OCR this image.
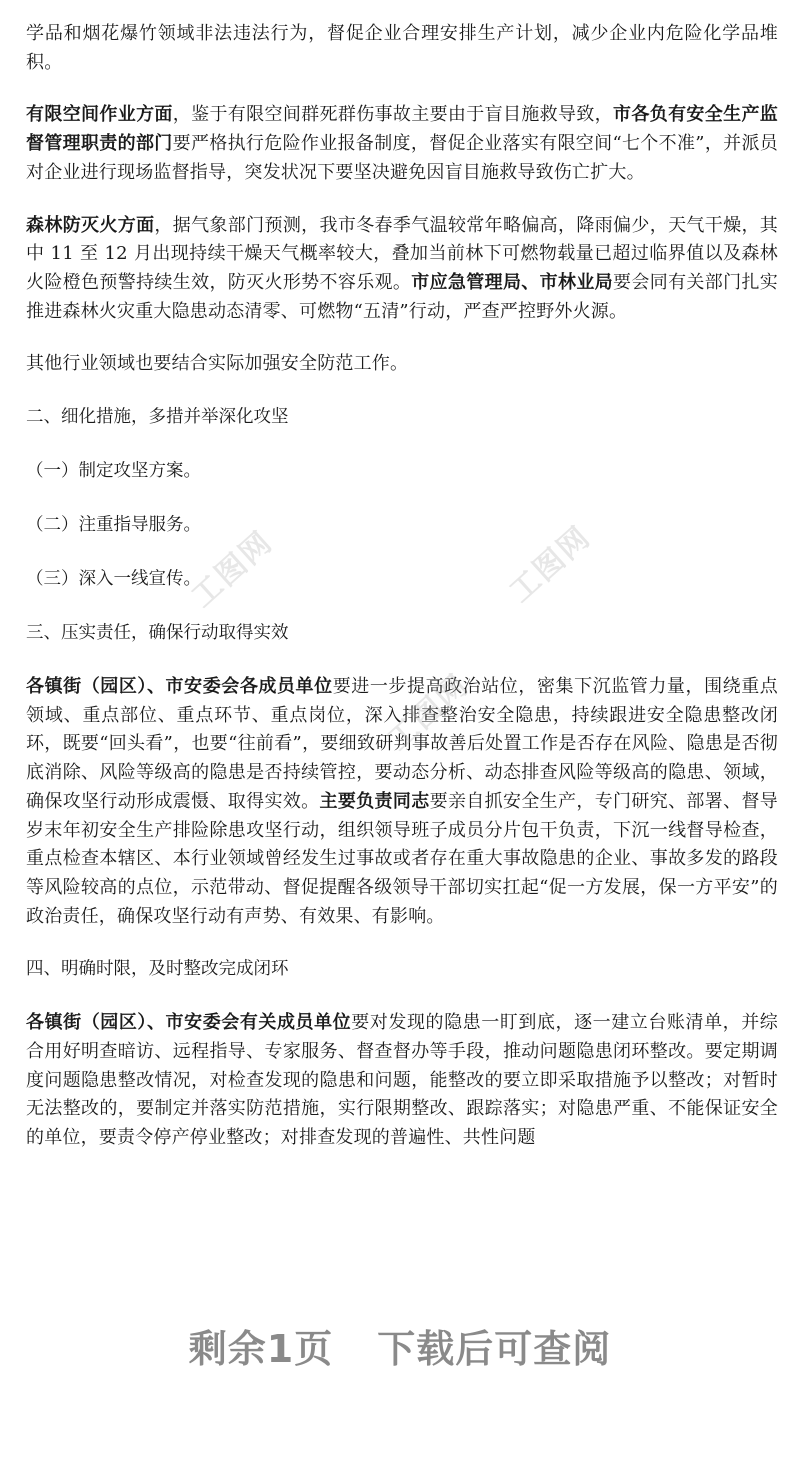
学品和烟花爆竹领域非法违法行为，督促企业合理安排生产计划，减少企业内危险化学品堆积。

有限空间作业方面，鉴于有限空间群死群伤事故主要由于盲目施救导致，市各负有安全生产监督管理职责的部门要严格执行危险作业报备制度，督促企业落实有限空间“七个不准”，并派员对企业进行现场监督指导，突发状况下要坚决避免因盲目施救导致伤亡扩大。

森林防灭火方面，据气象部门预测，我市冬春季气温较常年略偏高，降雨偏少，天气干燥，其中 11 至 12 月出现持续干燥天气概率较大，叠加当前林下可燃物载量已超过临界值以及森林火险橙色预警持续生效，防灭火形势不容乐观。市应急管理局、市林业局要会同有关部门扎实推进森林火灾重大隐患动态清零、可燃物“五清”行动，严查严控野外火源。

其他行业领域也要结合实际加强安全防范工作。

二、细化措施，多措并举深化攻坚
（一）制定攻坚方案。
（二）注重指导服务。
（三）深入一线宣传。
三、压实责任，确保行动取得实效

各镇街（园区）、市安委会各成员单位要进一步提高政治站位，密集下沉监管力量，围绕重点领域、重点部位、重点环节、重点岗位，深入排查整治安全隐患，持续跟进安全隐患整改闭环，既要“回头看”，也要“往前看”，要细致研判事故善后处置工作是否存在风险、隐患是否彻底消除、风险等级高的隐患是否持续管控，要动态分析、动态排查风险等级高的隐患、领域，确保攻坚行动形成震慑、取得实效。主要负责同志要亲自抓安全生产，专门研究、部署、督导岁末年初安全生产排险除患攻坚行动，组织领导班子成员分片包干负责，下沉一线督导检查，重点检查本辖区、本行业领域曾经发生过事故或者存在重大事故隐患的企业、事故多发的路段等风险较高的点位，示范带动、督促提醒各级领导干部切实扛起“促一方发展，保一方平安”的政治责任，确保攻坚行动有声势、有效果、有影响。

四、明确时限，及时整改完成闭环

各镇街（园区）、市安委会有关成员单位要对发现的隐患一盯到底，逐一建立台账清单，并综合用好明查暗访、远程指导、专家服务、督查督办等手段，推动问题隐患闭环整改。要定期调度问题隐患整改情况，对检查发现的隐患和问题，能整改的要立即采取措施予以整改；对暂时无法整改的，要制定并落实防范措施，实行限期整改、跟踪落实；对隐患严重、不能保证安全的单位，要责令停产停业整改；对排查发现的普遍性、共性问题

工图网	工图网
工图网
剩余1页 下载后可查阅
